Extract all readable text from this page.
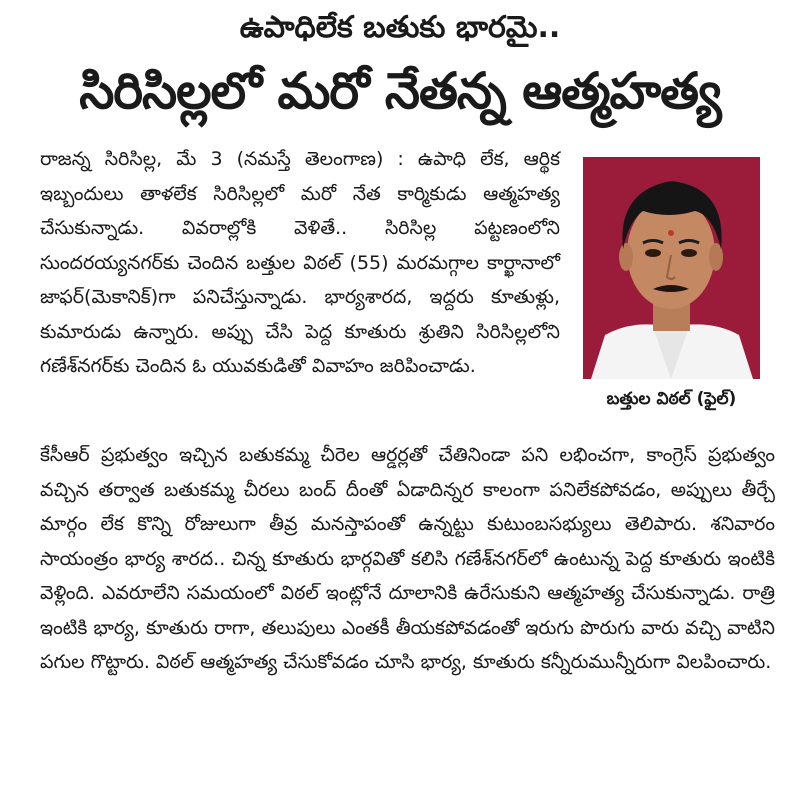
ఉపాధిలేక బతుకు భారమై..
సిరిసిల్లలో మరో నేతన్న ఆత్మహత్య
రాజన్న సిరిసిల్ల, మే 3 (నమస్తే తెలంగాణ) : ఉపాధి లేక, ఆర్థిక ఇబ్బందులు తాళలేక సిరిసిల్లలో మరో నేత కార్మికుడు ఆత్మహత్య చేసుకున్నాడు. వివరాల్లోకి వెళితే.. సిరిసిల్ల పట్టణంలోని సుందరయ్యనగర్‌కు చెందిన బత్తుల విఠల్ (55) మరమగ్గాల కార్ఖానాలో జాఫర్(మెకానిక్)గా పనిచేస్తున్నాడు. భార్యశారద, ఇద్దరు కూతుళ్లు, కుమారుడు ఉన్నారు. అప్పు చేసి పెద్ద కూతురు శ్రుతిని సిరిసిల్లలోని గణేశ్‌నగర్‌కు చెందిన ఓ యువకుడితో వివాహం జరిపించాడు.
బత్తుల విఠల్ (ఫైల్)
కేసీఆర్ ప్రభుత్వం ఇచ్చిన బతుకమ్మ చీరెల ఆర్డర్లతో చేతినిండా పని లభించగా, కాంగ్రెస్ ప్రభుత్వం వచ్చిన తర్వాత బతుకమ్మ చీరలు బంద్ దీంతో ఏడాదిన్నర కాలంగా పనిలేకపోవడం, అప్పులు తీర్చే మార్గం లేక కొన్ని రోజులుగా తీవ్ర మనస్తాపంతో ఉన్నట్టు కుటుంబసభ్యులు తెలిపారు. శనివారం సాయంత్రం భార్య శారద.. చిన్న కూతురు భార్గవితో కలిసి గణేశ్‌నగర్‌లో ఉంటున్న పెద్ద కూతురు ఇంటికి వెళ్లింది. ఎవరూలేని సమయంలో విఠల్ ఇంట్లోనే దూలానికి ఉరేసుకుని ఆత్మహత్య చేసుకున్నాడు. రాత్రి ఇంటికి భార్య, కూతురు రాగా, తలుపులు ఎంతకీ తీయకపోవడంతో ఇరుగు పొరుగు వారు వచ్చి వాటిని పగుల గొట్టారు. విఠల్ ఆత్మహత్య చేసుకోవడం చూసి భార్య, కూతురు కన్నీరుమున్నీరుగా విలపించారు.
